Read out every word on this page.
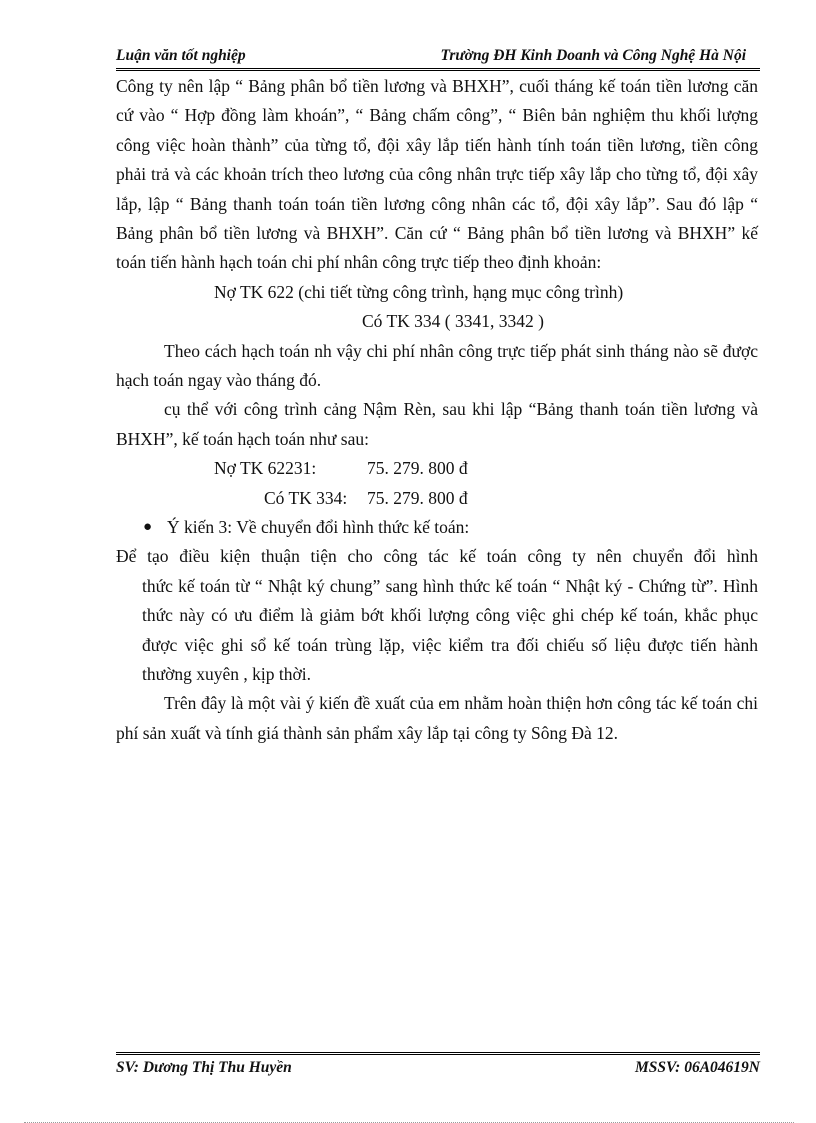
Luận văn tốt nghiệp	Trường ĐH Kinh Doanh và Công Nghệ Hà Nội

Công ty nên lập “ Bảng phân bổ tiền lương và BHXH”, cuối tháng kế toán tiền lương căn cứ vào “ Hợp đồng làm khoán”, “ Bảng chấm công”, “ Biên bản nghiệm thu khối lượng công việc hoàn thành” của từng tổ, đội xây lắp tiến hành tính toán tiền lương, tiền công phải trả và các khoản trích theo lương của công nhân trực tiếp xây lắp cho từng tổ, đội xây lắp, lập “ Bảng thanh toán toán tiền lương công nhân các tổ, đội xây lắp”. Sau đó lập “ Bảng phân bổ tiền lương và BHXH”. Căn cứ “ Bảng phân bổ tiền lương và BHXH” kế toán tiến hành hạch toán chi phí nhân công trực tiếp theo định khoản:

Nợ TK 622 (chi tiết từng công trình, hạng mục công trình)

Có TK 334 ( 3341, 3342 )

Theo cách hạch toán nh vậy chi phí nhân công trực tiếp phát sinh tháng nào sẽ được hạch toán ngay vào tháng đó.

cụ thể với công trình cảng Nậm Rèn, sau khi lập “Bảng thanh toán tiền lương và BHXH”, kế toán hạch toán như sau:

Nợ TK 62231:	75. 279. 800 đ
Có TK 334: 75. 279. 800 đ
● Ý kiến 3: Về chuyển đổi hình thức kế toán:

Để tạo điều kiện thuận tiện cho công tác kế toán công ty nên chuyển đổi hình

thức kế toán từ “ Nhật ký chung” sang hình thức kế toán “ Nhật ký - Chứng từ”. Hình thức này có ưu điểm là giảm bớt khối lượng công việc ghi chép kế toán, khắc phục được việc ghi sổ kế toán trùng lặp, việc kiểm tra đối chiếu số liệu được tiến hành thường xuyên , kịp thời.

Trên đây là một vài ý kiến đề xuất của em nhằm hoàn thiện hơn công tác kế toán chi phí sản xuất và tính giá thành sản phẩm xây lắp tại công ty Sông Đà 12.

SV: Dương Thị Thu Huyền	MSSV: 06A04619N
